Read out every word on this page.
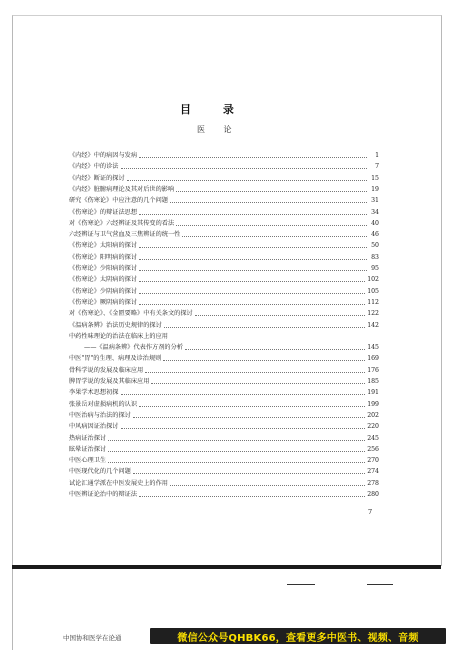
目 录
医 论
《内经》中的病因与发病	1
《内经》中的诊法	7
《内经》断证的探讨	15
《内经》脏腑病理论及其对后世的影响	19
研究《伤寒论》中应注意的几个问题	31
《伤寒论》的辩证法思想	34
对《伤寒论》六经辨证及其传变的看法	40
六经辨证与卫气营血及三焦辨证的统一性	46
《伤寒论》太阳病的探讨	50
《伤寒论》阳明病的探讨	83
《伤寒论》少阳病的探讨	95
《伤寒论》太阴病的探讨	102
《伤寒论》少阴病的探讨	105
《伤寒论》厥阴病的探讨	112
对《伤寒论》、《金匮要略》中有关条文的探讨	122
《温病条辨》治法历史规律的探讨	142
中药性味理论的治法在临床上的应用
——《温病条辨》代表作方剂的分析	145
中医"胃"的生理、病理及诊治规则	169
骨科学说的发展及临床应用	176
脾胃学说的发展及其临床应用	185
李果学术思想初探	191
张景岳对虚损病机的认识	199
中医治病与治法的探讨	202
中风病因证治探讨	220
热病证治探讨	245
眩晕证治探讨	256
中医心理卫生	270
中医现代化的几个问题	274
试论汇通学派在中医发展史上的作用	278
中医辨证论治中的辩证法	280
7
中国协和医学在论通	微信公众号QHBK66，查看更多中医书、视频、音频
